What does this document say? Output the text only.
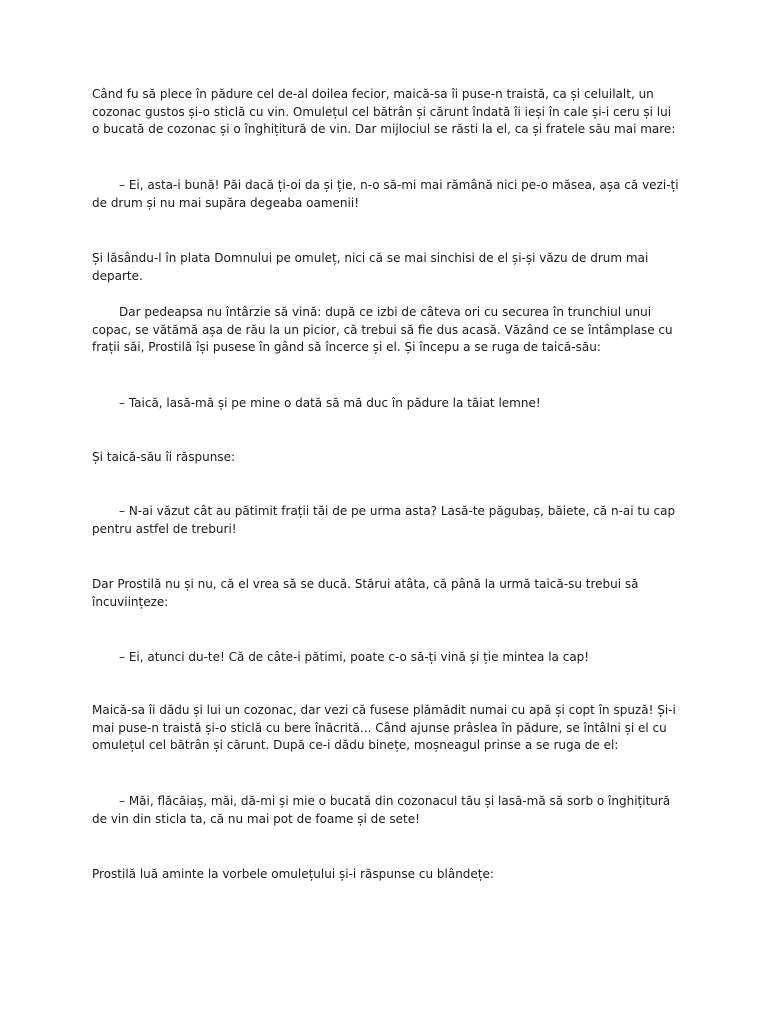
Când fu să plece în pădure cel de-al doilea fecior, maică-sa îi puse-n traistă, ca și celuilalt, un cozonac gustos și-o sticlă cu vin. Omulețul cel bătrân și cărunt îndată îi ieși în cale și-i ceru și lui o bucată de cozonac și o înghițitură de vin. Dar mijlociul se răsti la el, ca și fratele său mai mare:

– Ei, asta-i bună! Păi dacă ți-oi da și ție, n-o să-mi mai rămână nici pe-o măsea, așa că vezi-ți de drum și nu mai supăra degeaba oamenii!

Și lăsându-l în plata Domnului pe omuleț, nici că se mai sinchisi de el și-și văzu de drum mai departe.

Dar pedeapsa nu întârzie să vină: după ce izbi de câteva ori cu securea în trunchiul unui copac, se vătămă așa de rău la un picior, că trebui să fie dus acasă. Văzând ce se întâmplase cu frații săi, Prostilă își pusese în gând să încerce și el. Și începu a se ruga de taică-său:

– Taică, lasă-mă și pe mine o dată să mă duc în pădure la tăiat lemne!

Și taică-său îi răspunse:

– N-ai văzut cât au pătimit frații tăi de pe urma asta? Lasă-te păgubaș, băiete, că n-ai tu cap pentru astfel de treburi!

Dar Prostilă nu și nu, că el vrea să se ducă. Stărui atâta, că până la urmă taică-su trebui să încuviințeze:

– Ei, atunci du-te! Că de câte-i pătimi, poate c-o să-ți vină și ție mintea la cap!

Maică-sa îi dădu și lui un cozonac, dar vezi că fusese plămădit numai cu apă și copt în spuză! Și-i mai puse-n traistă și-o sticlă cu bere înăcrită... Când ajunse prâslea în pădure, se întâlni și el cu omulețul cel bătrân și cărunt. După ce-i dădu binețe, moșneagul prinse a se ruga de el:

– Măi, flăcăiaș, măi, dă-mi și mie o bucată din cozonacul tău și lasă-mă să sorb o înghițitură de vin din sticla ta, că nu mai pot de foame și de sete!

Prostilă luă aminte la vorbele omulețului și-i răspunse cu blândețe:
